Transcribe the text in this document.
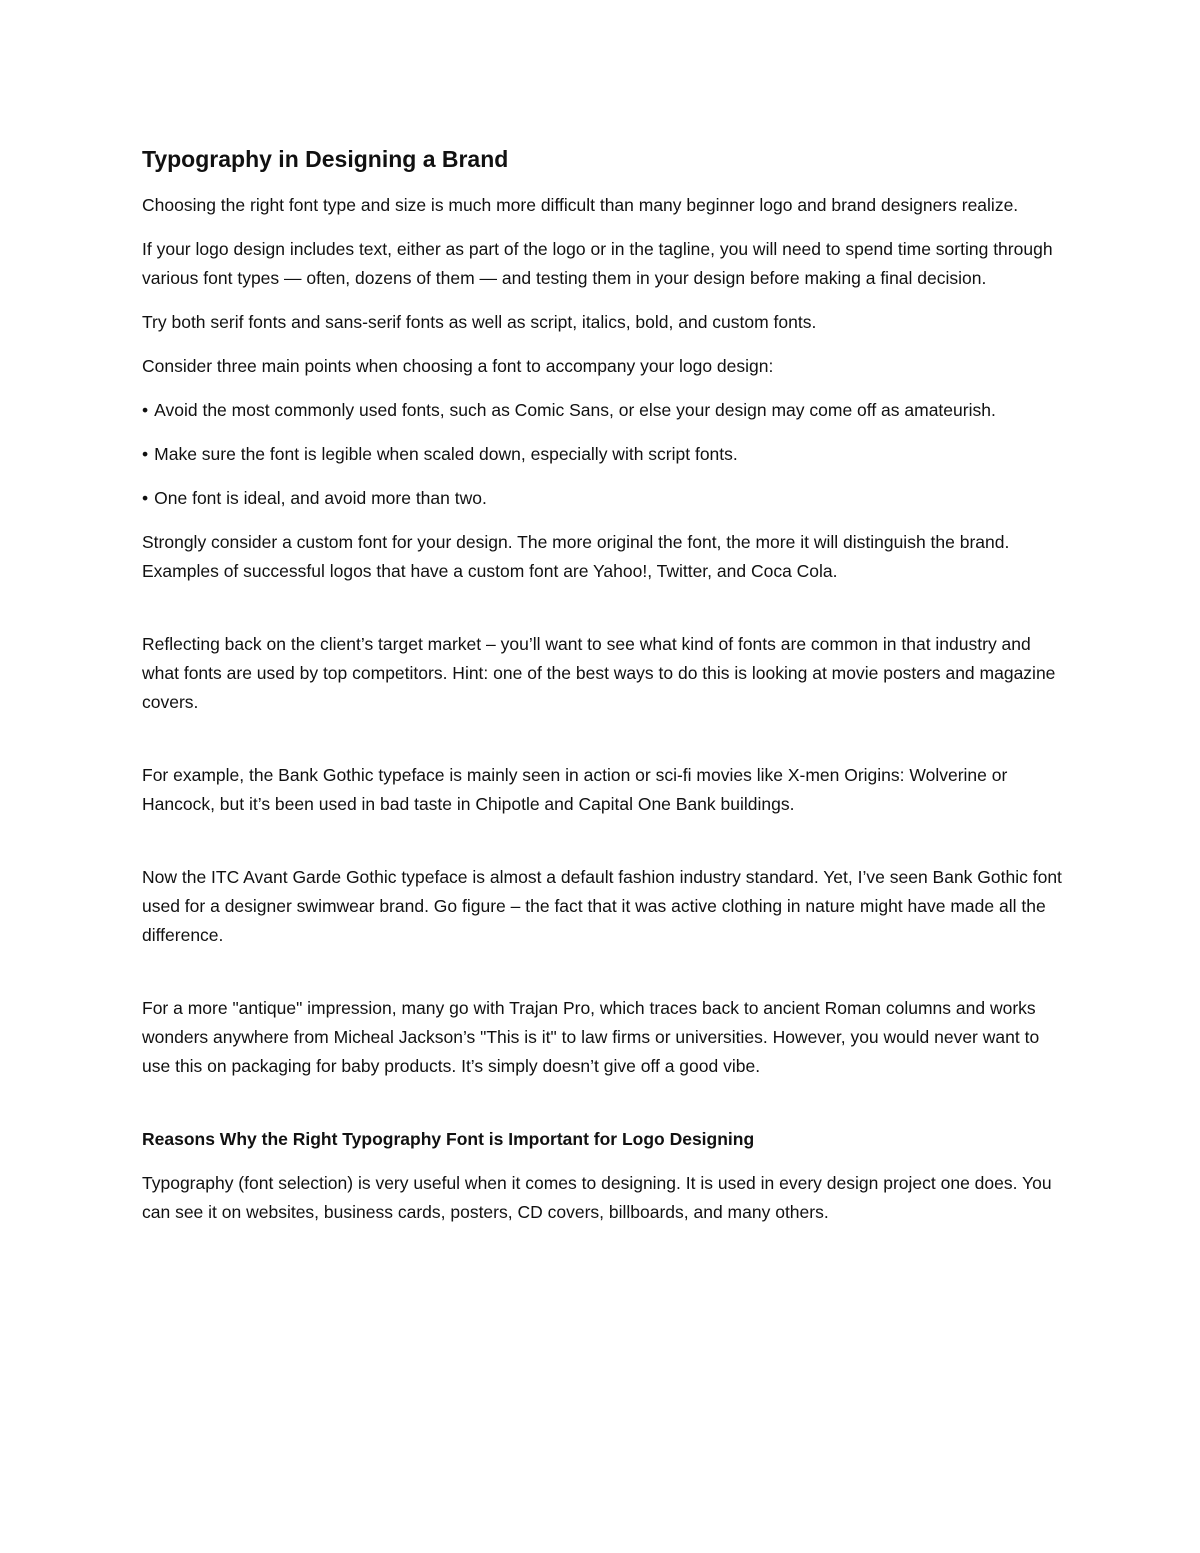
Typography in Designing a Brand

Choosing the right font type and size is much more difficult than many beginner logo and brand designers realize.

If your logo design includes text, either as part of the logo or in the tagline, you will need to spend time sorting through various font types — often, dozens of them — and testing them in your design before making a final decision.

Try both serif fonts and sans-serif fonts as well as script, italics, bold, and custom fonts.

Consider three main points when choosing a font to accompany your logo design:

• Avoid the most commonly used fonts, such as Comic Sans, or else your design may come off as amateurish.

• Make sure the font is legible when scaled down, especially with script fonts.

• One font is ideal, and avoid more than two.

Strongly consider a custom font for your design. The more original the font, the more it will distinguish the brand. Examples of successful logos that have a custom font are Yahoo!, Twitter, and Coca Cola.

Reflecting back on the client’s target market – you’ll want to see what kind of fonts are common in that industry and what fonts are used by top competitors. Hint: one of the best ways to do this is looking at movie posters and magazine covers.

For example, the Bank Gothic typeface is mainly seen in action or sci-fi movies like X-men Origins: Wolverine or Hancock, but it’s been used in bad taste in Chipotle and Capital One Bank buildings.

Now the ITC Avant Garde Gothic typeface is almost a default fashion industry standard. Yet, I’ve seen Bank Gothic font used for a designer swimwear brand. Go figure – the fact that it was active clothing in nature might have made all the difference.

For a more "antique" impression, many go with Trajan Pro, which traces back to ancient Roman columns and works wonders anywhere from Micheal Jackson’s "This is it" to law firms or universities. However, you would never want to use this on packaging for baby products. It’s simply doesn’t give off a good vibe.

Reasons Why the Right Typography Font is Important for Logo Designing

Typography (font selection) is very useful when it comes to designing. It is used in every design project one does. You can see it on websites, business cards, posters, CD covers, billboards, and many others.
